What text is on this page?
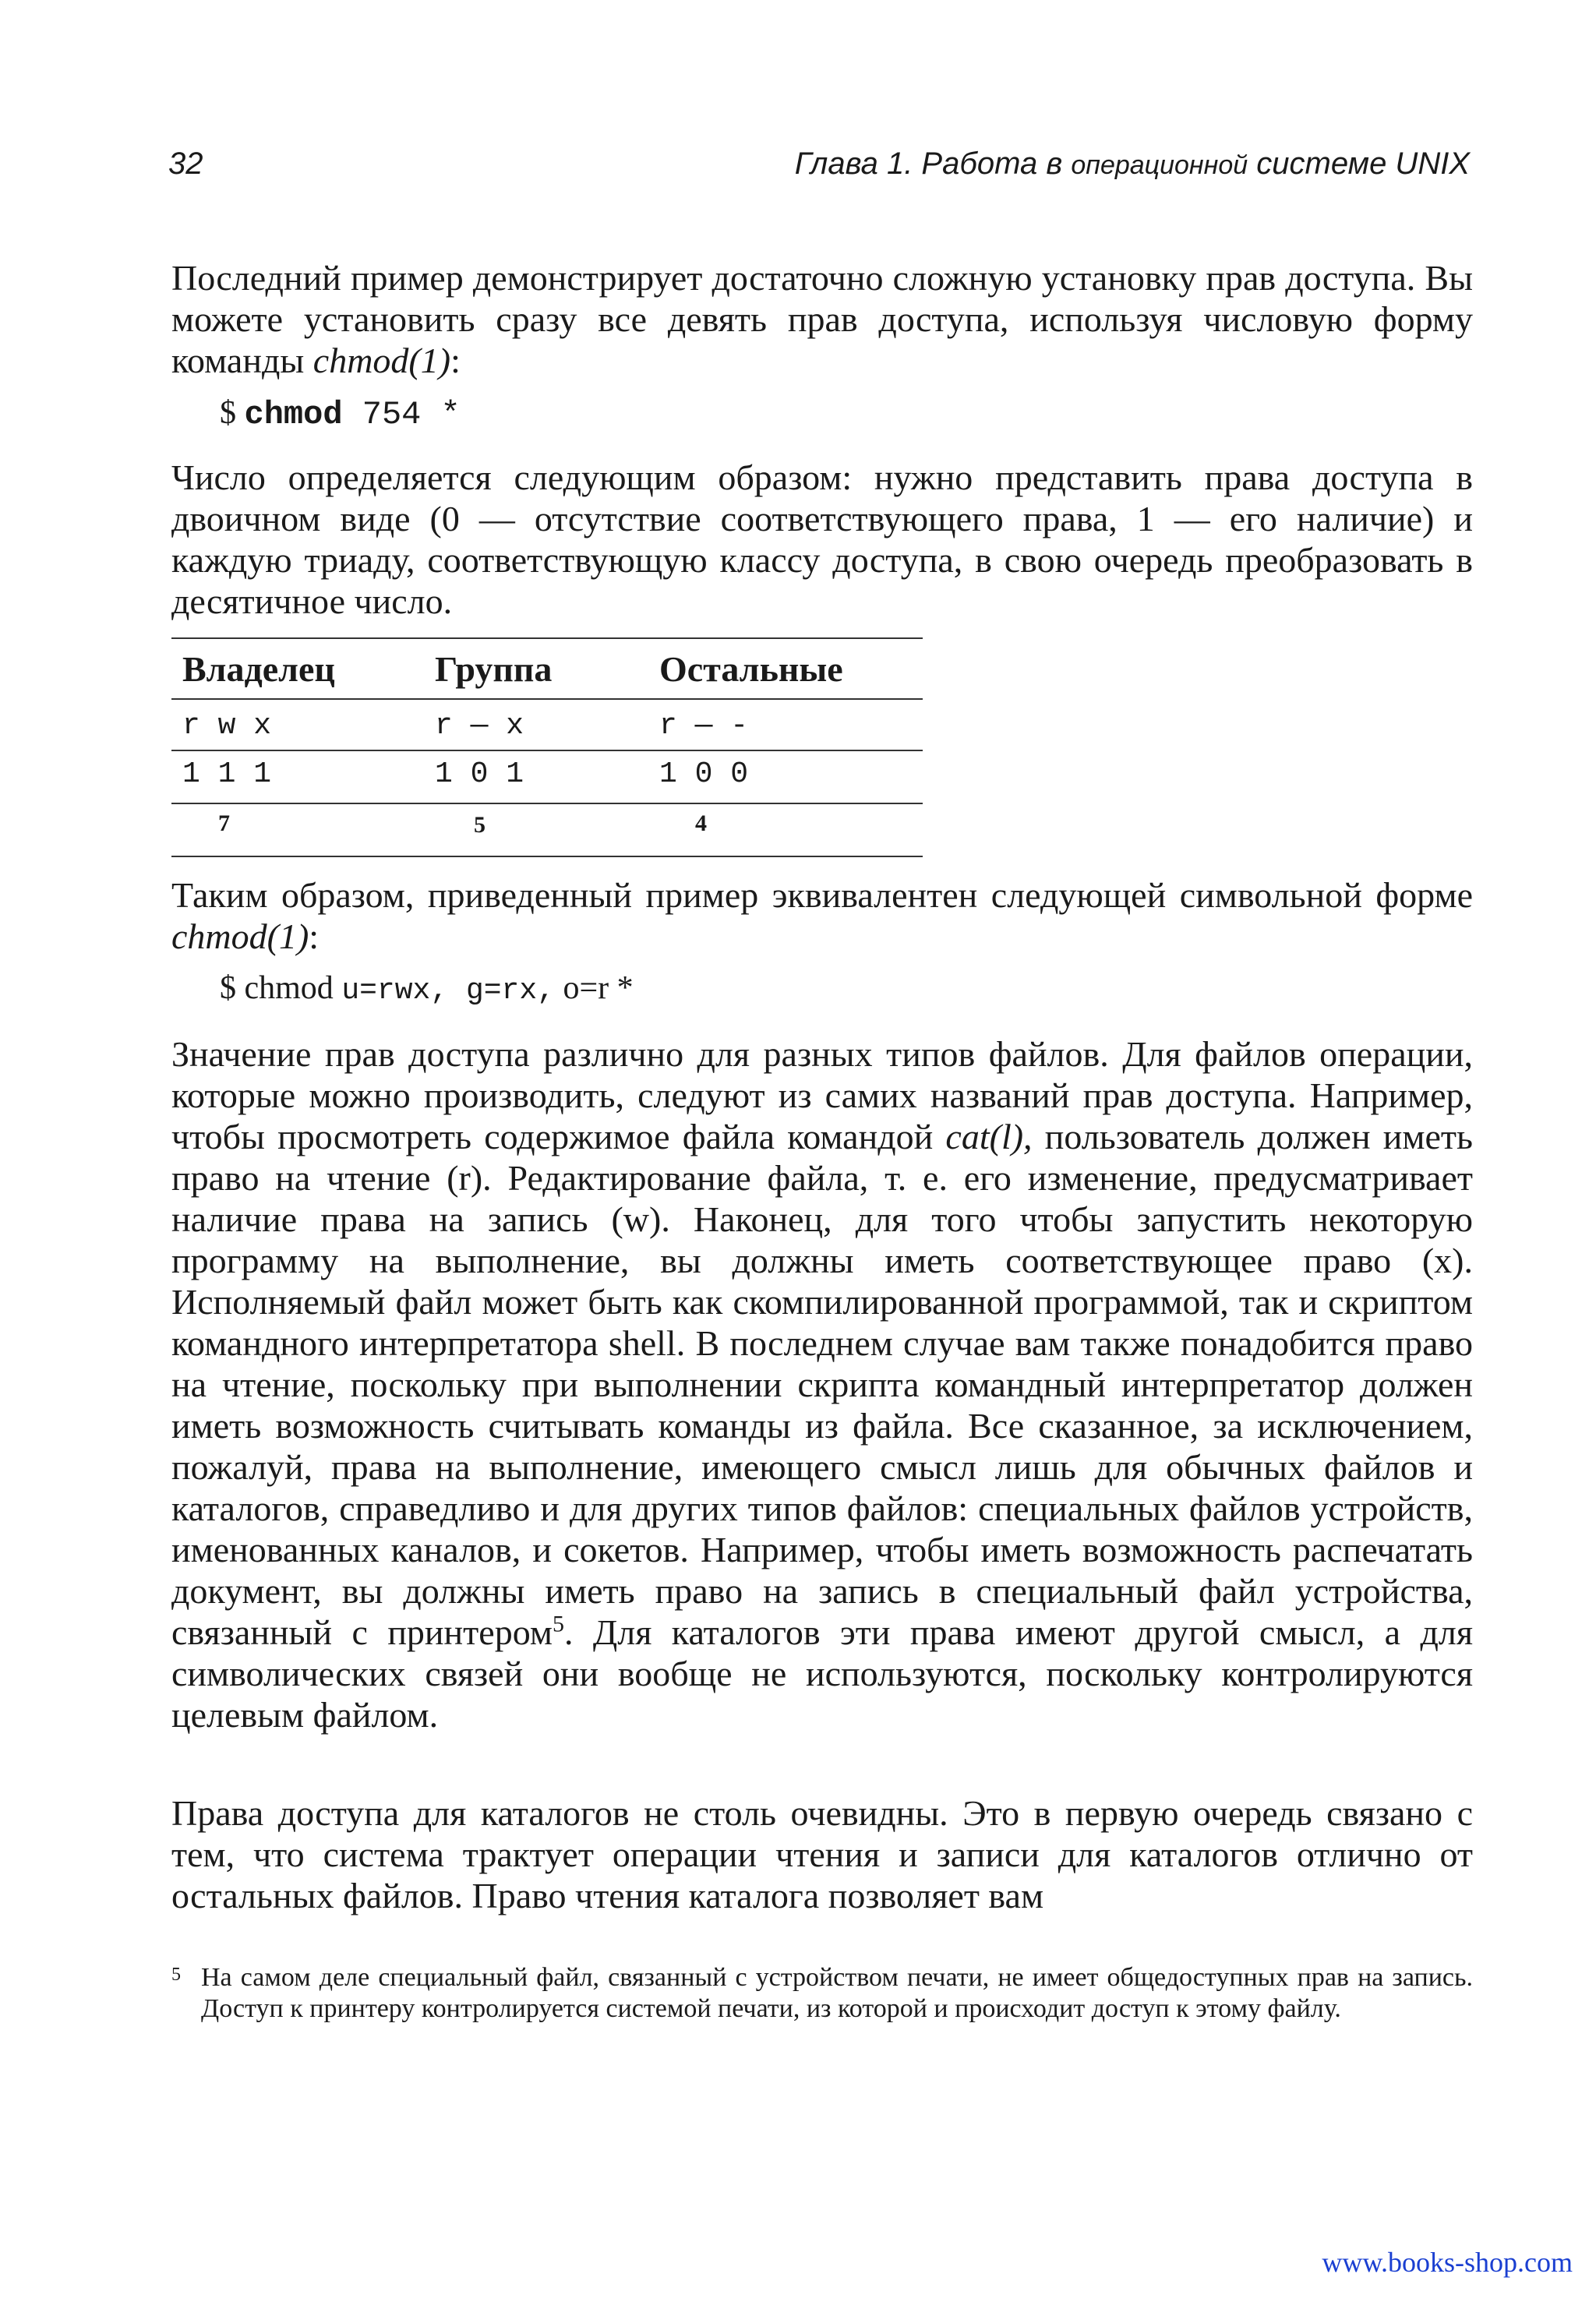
32	Глава 1. Работа в операционной системе UNIX
Последний пример демонстрирует достаточно сложную установку прав доступа. Вы можете установить сразу все девять прав доступа, используя числовую форму команды chmod(1):
$ chmod 754 *
Число определяется следующим образом: нужно представить права доступа в двоичном виде (0 — отсутствие соответствующего права, 1 — его наличие) и каждую триаду, соответствующую классу доступа, в свою очередь преобразовать в десятичное число.
Владелец	Группа	Остальные
r w x	r — x	r — -
1 1 1	1 0 1	1 0 0
7	5	4
Таким образом, приведенный пример эквивалентен следующей символьной форме chmod(1):
$ chmod u=rwx, g=rx, o=r *
Значение прав доступа различно для разных типов файлов. Для файлов операции, которые можно производить, следуют из самих названий прав доступа. Например, чтобы просмотреть содержимое файла командой cat(l), пользователь должен иметь право на чтение (r). Редактирование файла, т. е. его изменение, предусматривает наличие права на запись (w). Наконец, для того чтобы запустить некоторую программу на выполнение, вы должны иметь соответствующее право (x). Исполняемый файл может быть как скомпилированной программой, так и скриптом командного интерпретатора shell. В последнем случае вам также понадобится право на чтение, поскольку при выполнении скрипта командный интерпретатор должен иметь возможность считывать команды из файла. Все сказанное, за исключением, пожалуй, права на выполнение, имеющего смысл лишь для обычных файлов и каталогов, справедливо и для других типов файлов: специальных файлов устройств, именованных каналов, и сокетов. Например, чтобы иметь возможность распечатать документ, вы должны иметь право на запись в специальный файл устройства, связанный с принтером$^5$. Для каталогов эти права имеют другой смысл, а для символических связей они вообще не используются, поскольку контролируются целевым файлом.
Права доступа для каталогов не столь очевидны. Это в первую очередь связано с тем, что система трактует операции чтения и записи для каталогов отлично от остальных файлов. Право чтения каталога позволяет вам
5 На самом деле специальный файл, связанный с устройством печати, не имеет общедоступных прав на запись. Доступ к принтеру контролируется системой печати, из которой и происходит доступ к этому файлу.
www.books-shop.com
